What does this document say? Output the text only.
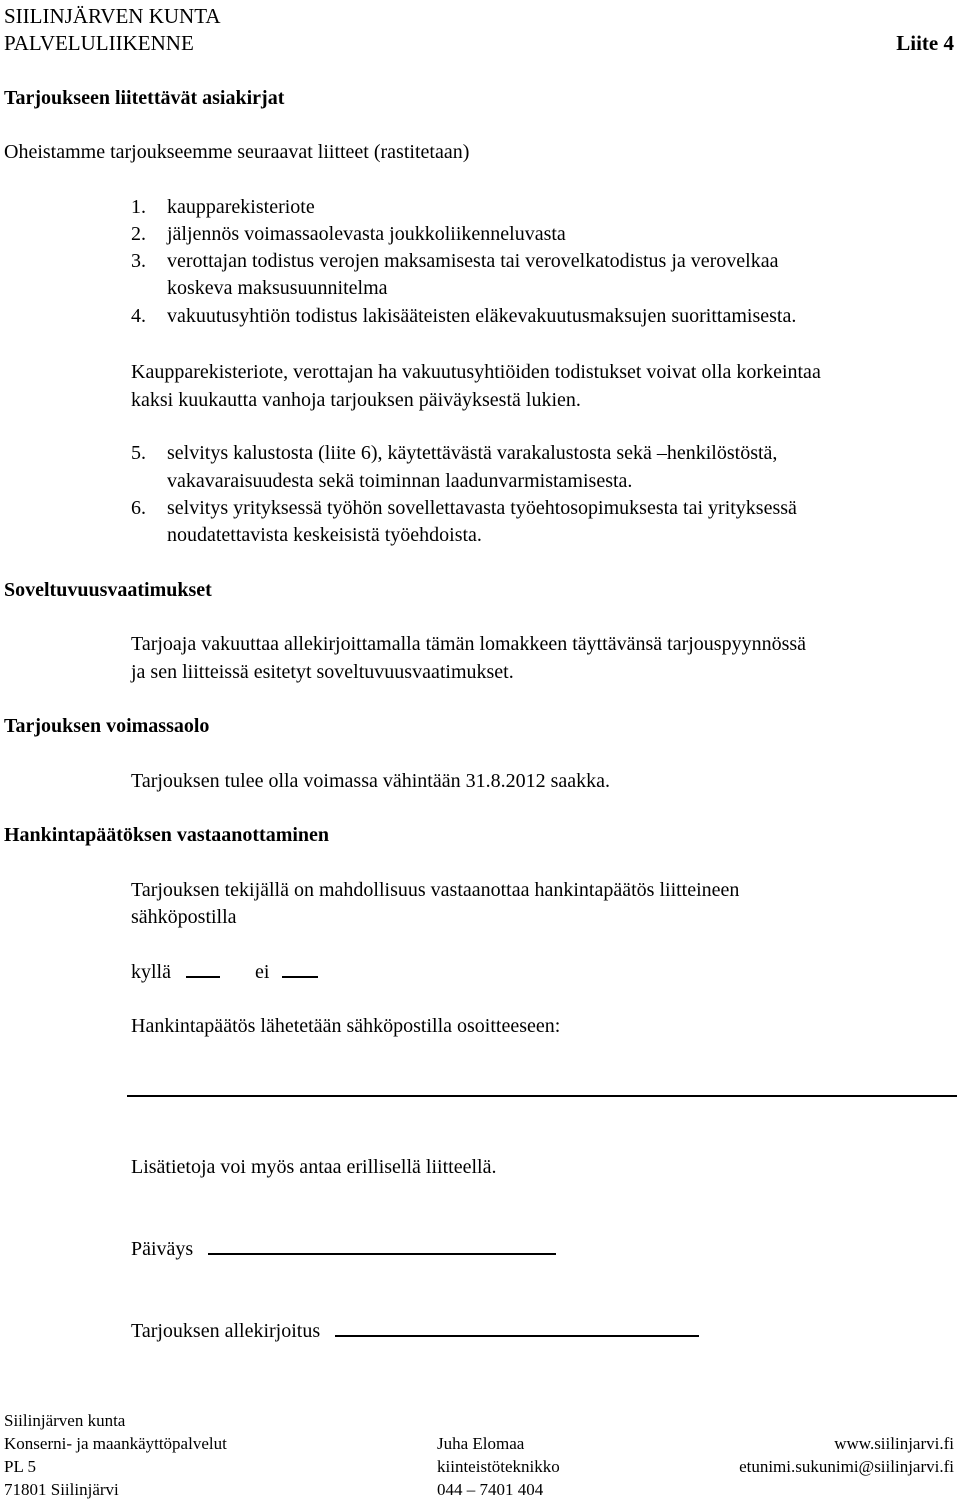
SIILINJÄRVEN KUNTA
PALVELULIIKENNE	Liite 4
Tarjoukseen liitettävät asiakirjat
Oheistamme tarjoukseemme seuraavat liitteet (rastitetaan)
1. kaupparekisteriote
2. jäljennös voimassaolevasta joukkoliikenneluvasta
3. verottajan todistus verojen maksamisesta tai verovelkatodistus ja verovelkaa
koskeva maksusuunnitelma
4. vakuutusyhtiön todistus lakisääteisten eläkevakuutusmaksujen suorittamisesta.
Kaupparekisteriote, verottajan ha vakuutusyhtiöiden todistukset voivat olla korkeintaa
kaksi kuukautta vanhoja tarjouksen päiväyksestä lukien.
5. selvitys kalustosta (liite 6), käytettävästä varakalustosta sekä –henkilöstöstä,
vakavaraisuudesta sekä toiminnan laadunvarmistamisesta.
6. selvitys yrityksessä työhön sovellettavasta työehtosopimuksesta tai yrityksessä
noudatettavista keskeisistä työehdoista.
Soveltuvuusvaatimukset
Tarjoaja vakuuttaa allekirjoittamalla tämän lomakkeen täyttävänsä tarjouspyynnössä
ja sen liitteissä esitetyt soveltuvuusvaatimukset.
Tarjouksen voimassaolo
Tarjouksen tulee olla voimassa vähintään 31.8.2012 saakka.
Hankintapäätöksen vastaanottaminen
Tarjouksen tekijällä on mahdollisuus vastaanottaa hankintapäätös liitteineen
sähköpostilla
kyllä	ei
Hankintapäätös lähetetään sähköpostilla osoitteeseen:
Lisätietoja voi myös antaa erillisellä liitteellä.
Päiväys
Tarjouksen allekirjoitus
Siilinjärven kunta
Konserni- ja maankäyttöpalvelut
PL 5
71801 Siilinjärvi
Juha Elomaa
kiinteistöteknikko
044 – 7401 404
www.siilinjarvi.fi
etunimi.sukunimi@siilinjarvi.fi
